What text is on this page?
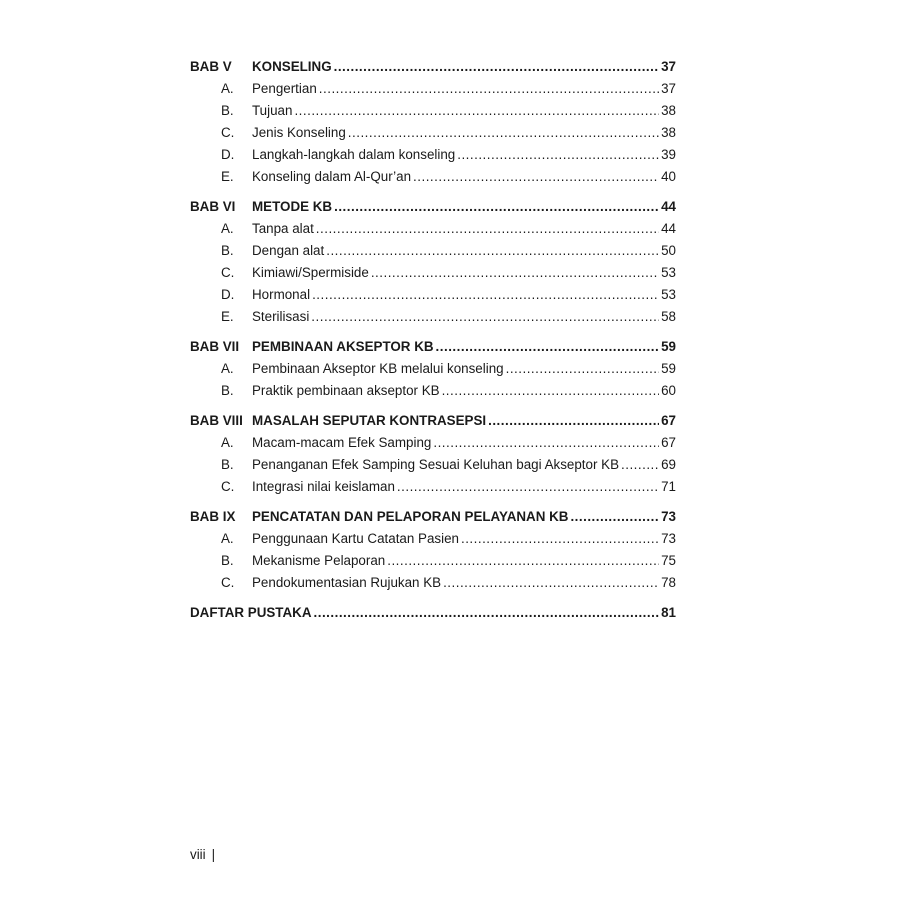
BAB V	KONSELING .....	37
A.	Pengertian .....	37
B.	Tujuan .....	38
C.	Jenis Konseling .....	38
D.	Langkah-langkah dalam konseling .....	39
E.	Konseling dalam Al-Qur’an .....	40
BAB VI	METODE KB .....	44
A.	Tanpa alat .....	44
B.	Dengan alat .....	50
C.	Kimiawi/Spermiside .....	53
D.	Hormonal .....	53
E.	Sterilisasi .....	58
BAB VII PEMBINAAN AKSEPTOR KB .....	59
A.	Pembinaan Akseptor KB melalui konseling .....	59
B.	Praktik pembinaan akseptor KB .....	60
BAB VIII MASALAH SEPUTAR KONTRASEPSI .....	67
A.	Macam-macam Efek Samping .....	67
B.	Penanganan Efek Samping Sesuai Keluhan bagi Akseptor KB .....	69
C.	Integrasi nilai keislaman .....	71
BAB IX	PENCATATAN DAN PELAPORAN PELAYANAN KB .....	73
A.	Penggunaan Kartu Catatan Pasien .....	73
B.	Mekanisme Pelaporan .....	75
C.	Pendokumentasian Rujukan KB .....	78
DAFTAR PUSTAKA .....	81
viii |
